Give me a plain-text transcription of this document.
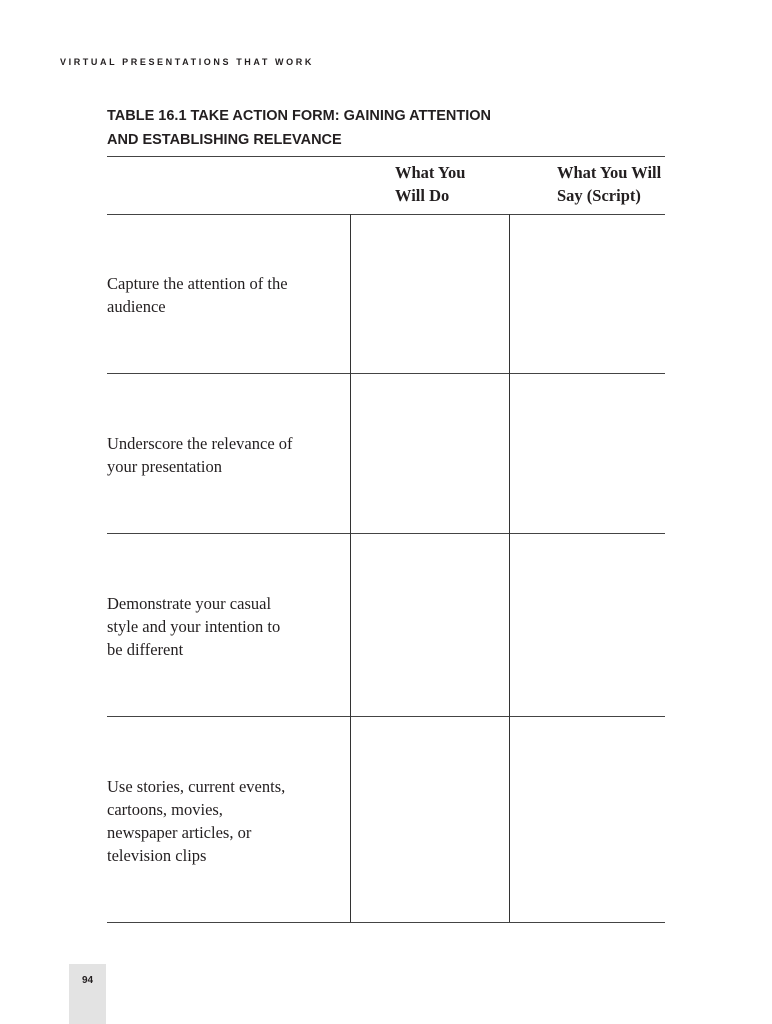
VIRTUAL PRESENTATIONS THAT WORK
TABLE 16.1 TAKE ACTION FORM: GAINING ATTENTION
AND ESTABLISHING RELEVANCE
What You
Will Do
What You Will
Say (Script)
Capture the attention of the
audience
Underscore the relevance of
your presentation
Demonstrate your casual
style and your intention to
be different
Use stories, current events,
cartoons, movies,
newspaper articles, or
television clips
94
